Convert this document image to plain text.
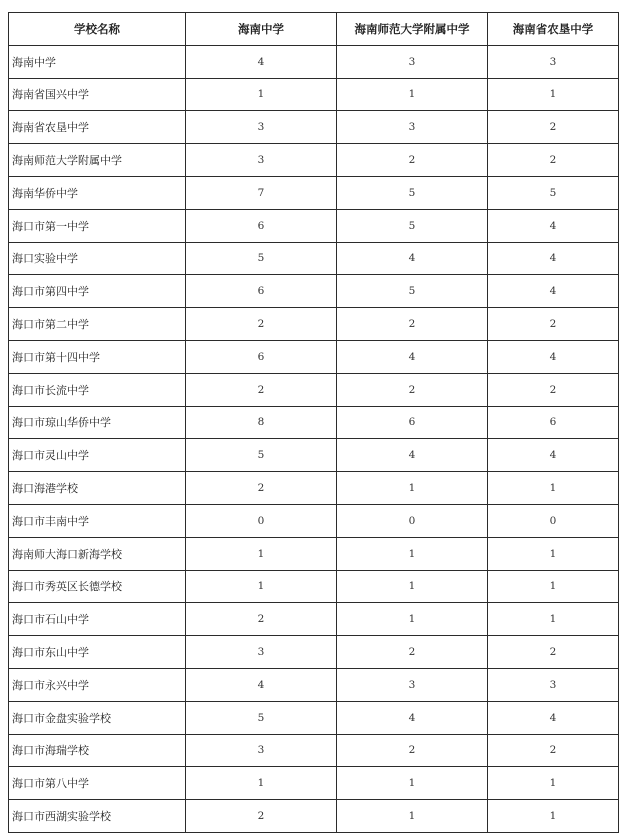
学校名称	海南中学	海南师范大学附属中学	海南省农垦中学
海南中学	4	3	3
海南省国兴中学	1	1	1
海南省农垦中学	3	3	2
海南师范大学附属中学	3	2	2
海南华侨中学	7	5	5
海口市第一中学	6	5	4
海口实验中学	5	4	4
海口市第四中学	6	5	4
海口市第二中学	2	2	2
海口市第十四中学	6	4	4
海口市长流中学	2	2	2
海口市琼山华侨中学	8	6	6
海口市灵山中学	5	4	4
海口海港学校	2	1	1
海口市丰南中学	0	0	0
海南师大海口新海学校	1	1	1
海口市秀英区长德学校	1	1	1
海口市石山中学	2	1	1
海口市东山中学	3	2	2
海口市永兴中学	4	3	3
海口市金盘实验学校	5	4	4
海口市海瑞学校	3	2	2
海口市第八中学	1	1	1
海口市西湖实验学校	2	1	1
